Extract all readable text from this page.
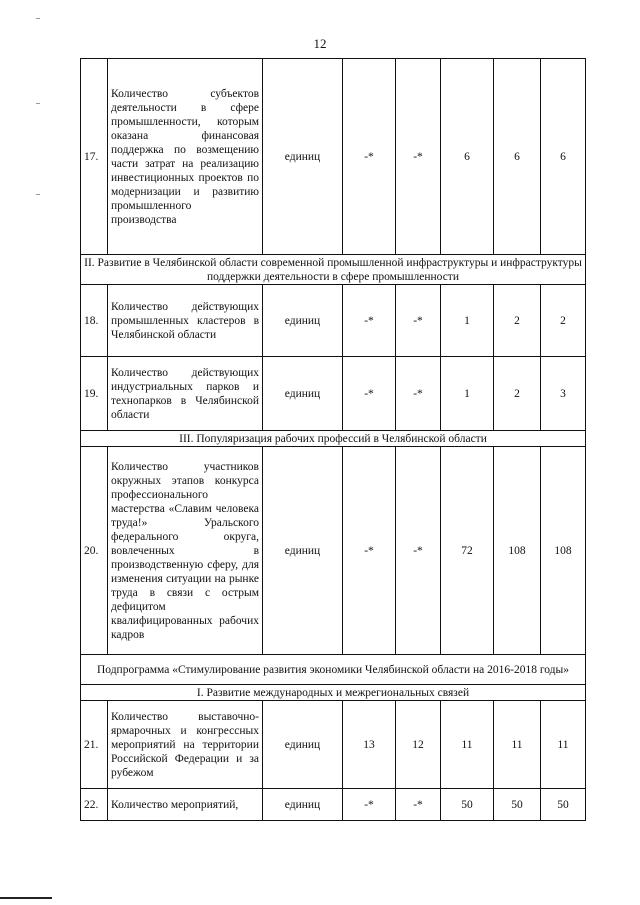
12
17.	Количество субъектов деятельности в сфере промышленности, которым оказана финансовая поддержка по возмещению части затрат на реализацию инвестиционных проектов по модернизации и развитию промышленного производства	единиц	-*	-*	6	6	6
II. Развитие в Челябинской области современной промышленной инфраструктуры и инфраструктуры поддержки деятельности в сфере промышленности							
18.	Количество действующих промышленных кластеров в Челябинской области	единиц	-*	-*	1	2	2
19.	Количество действующих индустриальных парков и технопарков в Челябинской области	единиц	-*	-*	1	2	3
III. Популяризация рабочих профессий в Челябинской области							
20.	Количество участников окружных этапов конкурса профессионального мастерства «Славим человека труда!» Уральского федерального округа, вовлеченных в производственную сферу, для изменения ситуации на рынке труда в связи с острым дефицитом квалифицированных рабочих кадров	единиц	-*	-*	72	108	108
Подпрограмма «Стимулирование развития экономики Челябинской области на 2016-2018 годы»							
I. Развитие международных и межрегиональных связей							
21.	Количество выставочно-ярмарочных и конгрессных мероприятий на территории Российской Федерации и за рубежом	единиц	13	12	11	11	11
22.	Количество мероприятий,	единиц	-*	-*	50	50	50
